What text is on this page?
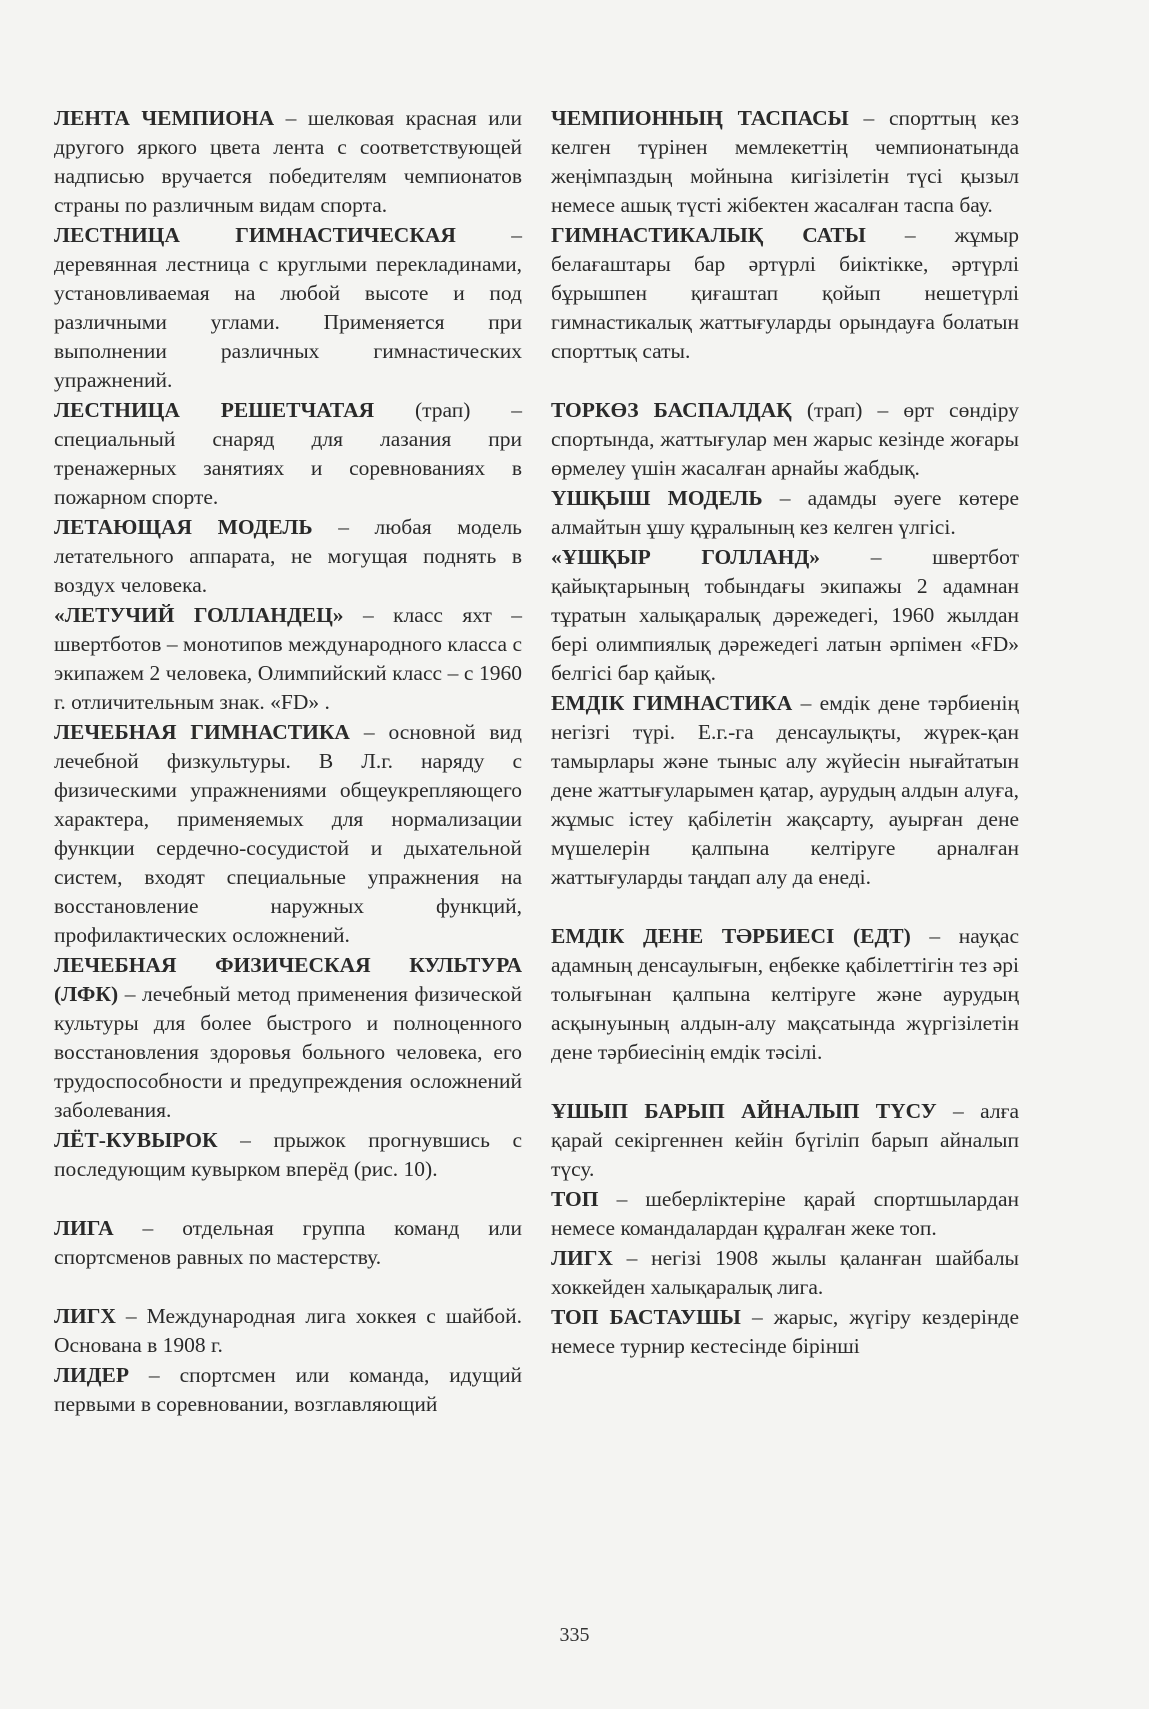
ЛЕНТА ЧЕМПИОНА – шелковая красная или другого яркого цвета лента с соответствующей надписью вручается победителям чемпионатов страны по различным видам спорта.

ЛЕСТНИЦА ГИМНАСТИЧЕСКАЯ – деревянная лестница с круглыми перекладинами, установливаемая на любой высоте и под различными углами. Применяется при выполнении различных гимнастических упражнений.

ЛЕСТНИЦА РЕШЕТЧАТАЯ (трап) – специальный снаряд для лазания при тренажерных занятиях и соревнованиях в пожарном спорте.

ЛЕТАЮЩАЯ МОДЕЛЬ – любая модель летательного аппарата, не могущая поднять в воздух человека.

«ЛЕТУЧИЙ ГОЛЛАНДЕЦ» – класс яхт – швертботов – монотипов международного класса с экипажем 2 человека, Олимпийский класс – с 1960 г. отличительным знак. «FD» .

ЛЕЧЕБНАЯ ГИМНАСТИКА – основной вид лечебной физкультуры. В Л.г. наряду с физическими упражнениями общеукрепляющего характера, применяемых для нормализации функции сердечно-сосудистой и дыхательной систем, входят специальные упражнения на восстановление наружных функций, профилактических осложнений.

ЛЕЧЕБНАЯ ФИЗИЧЕСКАЯ КУЛЬТУРА (ЛФК) – лечебный метод применения физической культуры для более быстрого и полноценного восстановления здоровья больного человека, его трудоспособности и предупреждения осложнений заболевания.

ЛЁТ-КУВЫРОК – прыжок прогнувшись с последующим кувырком вперёд (рис. 10).

ЛИГА – отдельная группа команд или спортсменов равных по мастерству.

ЛИГХ – Международная лига хоккея с шайбой. Основана в 1908 г.

ЛИДЕР – спортсмен или команда, идущий первыми в соревновании, возглавляющий

ЧЕМПИОННЫҢ ТАСПАСЫ – спорттың кез келген түрінен мемлекеттің чемпионатында жеңімпаздың мойнына кигізілетін түсі қызыл немесе ашық түсті жібектен жасалған таспа бау.

ГИМНАСТИКАЛЫҚ САТЫ – жұмыр белағаштары бар әртүрлі биіктікке, әртүрлі бұрышпен қиғаштап қойып нешетүрлі гимнастикалық жаттығуларды орындауға болатын спорттық саты.

ТОРКӨЗ БАСПАЛДАҚ (трап) – өрт сөндіру спортында, жаттығулар мен жарыс кезінде жоғары өрмелеу үшін жасалған арнайы жабдық.

ҮШҚЫШ МОДЕЛЬ – адамды әуеге көтере алмайтын ұшу құралының кез келген үлгісі.

«ҰШҚЫР ГОЛЛАНД» – швертбот қайықтарының тобындағы экипажы 2 адамнан тұратын халықаралық дәрежедегі, 1960 жылдан бері олимпиялық дәрежедегі латын әрпімен «FD» белгісі бар қайық.

ЕМДІК ГИМНАСТИКА – емдік дене тәрбиенің негізгі түрі. Е.г.-га денсаулықты, жүрек-қан тамырлары және тыныс алу жүйесін нығайтатын дене жаттығуларымен қатар, аурудың алдын алуға, жұмыс істеу қабілетін жақсарту, ауырған дене мүшелерін қалпына келтіруге арналған жаттығуларды таңдап алу да енеді.

ЕМДІК ДЕНЕ ТӘРБИЕСІ (ЕДТ) – науқас адамның денсаулығын, еңбекке қабілеттігін тез әрі толығынан қалпына келтіруге және аурудың асқынуының алдын-алу мақсатында жүргізілетін дене тәрбиесінің емдік тәсілі.

ҰШЫП БАРЫП АЙНАЛЫП ТҮСУ – алға қарай секіргеннен кейін бүгіліп барып айналып түсу.

ТОП – шеберліктеріне қарай спортшылардан немесе командалардан құралған жеке топ.

ЛИГХ – негізі 1908 жылы қаланған шайбалы хоккейден халықаралық лига.

ТОП БАСТАУШЫ – жарыс, жүгіру кездерінде немесе турнир кестесінде бірінші

335
